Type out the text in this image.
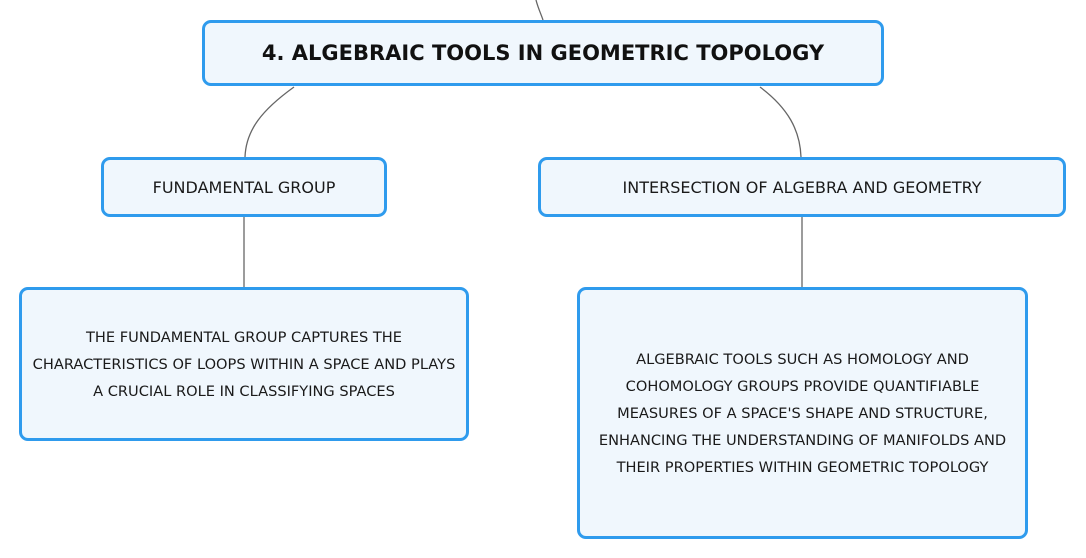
4. ALGEBRAIC TOOLS IN GEOMETRIC TOPOLOGY
FUNDAMENTAL GROUP	INTERSECTION OF ALGEBRA AND GEOMETRY
THE FUNDAMENTAL GROUP CAPTURES THE CHARACTERISTICS OF LOOPS WITHIN A SPACE AND PLAYS A CRUCIAL ROLE IN CLASSIFYING SPACES
ALGEBRAIC TOOLS SUCH AS HOMOLOGY AND COHOMOLOGY GROUPS PROVIDE QUANTIFIABLE MEASURES OF A SPACE'S SHAPE AND STRUCTURE, ENHANCING THE UNDERSTANDING OF MANIFOLDS AND THEIR PROPERTIES WITHIN GEOMETRIC TOPOLOGY
